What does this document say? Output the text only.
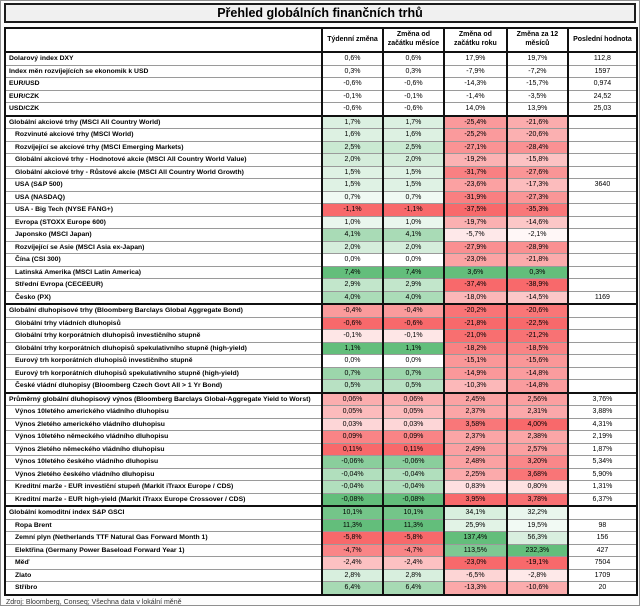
Přehled globálních finančních trhů
	Týdenní změna	Změna od začátku měsíce	Změna od začátku roku	Změna za 12 měsíců	Poslední hodnota
Dolarový index DXY	0,6%	0,6%	17,9%	19,7%	112,8
Index měn rozvíjejících se ekonomik k USD	0,3%	0,3%	-7,9%	-7,2%	1597
EUR/USD	-0,6%	-0,6%	-14,3%	-15,7%	0,974
EUR/CZK	-0,1%	-0,1%	-1,4%	-3,5%	24,52
USD/CZK	-0,6%	-0,6%	14,0%	13,9%	25,03
Globální akciové trhy (MSCI All Country World)	1,7%	1,7%	-25,4%	-21,6%	
Rozvinuté akciové trhy (MSCI World)	1,6%	1,6%	-25,2%	-20,6%	
Rozvíjející se akciové trhy (MSCI Emerging Markets)	2,5%	2,5%	-27,1%	-28,4%	
Globální akciové trhy - Hodnotové akcie (MSCI All Country World Value)	2,0%	2,0%	-19,2%	-15,8%	
Globální akciové trhy - Růstové akcie (MSCI All Country World Growth)	1,5%	1,5%	-31,7%	-27,6%	
USA (S&P 500)	1,5%	1,5%	-23,6%	-17,3%	3640
USA (NASDAQ)	0,7%	0,7%	-31,9%	-27,3%	
USA - Big Tech (NYSE FANG+)	-1,1%	-1,1%	-37,5%	-35,3%	
Evropa (STOXX Europe 600)	1,0%	1,0%	-19,7%	-14,6%	
Japonsko (MSCI Japan)	4,1%	4,1%	-5,7%	-2,1%	
Rozvíjející se Asie (MSCI Asia ex-Japan)	2,0%	2,0%	-27,9%	-28,9%	
Čína (CSI 300)	0,0%	0,0%	-23,0%	-21,8%	
Latinská Amerika (MSCI Latin America)	7,4%	7,4%	3,6%	0,3%	
Střední Evropa (CECEEUR)	2,9%	2,9%	-37,4%	-38,9%	
Česko (PX)	4,0%	4,0%	-18,0%	-14,5%	1169
Globální dluhopisové trhy (Bloomberg Barclays Global Aggregate Bond)	-0,4%	-0,4%	-20,2%	-20,6%	
Globální trhy vládních dluhopisů	-0,6%	-0,6%	-21,8%	-22,5%	
Globální trhy korporátních dluhopisů investičního stupně	-0,1%	-0,1%	-21,0%	-21,2%	
Globální trhy korporátních dluhopisů spekulativního stupně (high-yield)	1,1%	1,1%	-18,2%	-18,5%	
Eurový trh korporátních dluhopisů investičního stupně	0,0%	0,0%	-15,1%	-15,6%	
Eurový trh korporátních dluhopisů spekulativního stupně (high-yield)	0,7%	0,7%	-14,9%	-14,8%	
České vládní dluhopisy (Bloomberg Czech Govt All > 1 Yr Bond)	0,5%	0,5%	-10,3%	-14,8%	
Průměrný globální dluhopisový výnos (Bloomberg Barclays Global-Aggregate Yield to Worst)	0,06%	0,06%	2,45%	2,56%	3,76%
Výnos 10letého amerického vládního dluhopisu	0,05%	0,05%	2,37%	2,31%	3,88%
Výnos 2letého amerického vládního dluhopisu	0,03%	0,03%	3,58%	4,00%	4,31%
Výnos 10letého německého vládního dluhopisu	0,09%	0,09%	2,37%	2,38%	2,19%
Výnos 2letého německého vládního dluhopisu	0,11%	0,11%	2,49%	2,57%	1,87%
Výnos 10letého českého vládního dluhopisu	-0,06%	-0,06%	2,48%	3,20%	5,34%
Výnos 2letého českého vládního dluhopisu	-0,04%	-0,04%	2,25%	3,68%	5,90%
Kreditní marže - EUR investiční stupeň (Markit iTraxx Europe / CDS)	-0,04%	-0,04%	0,83%	0,80%	1,31%
Kreditní marže - EUR high-yield (Markit iTraxx Europe Crossover / CDS)	-0,08%	-0,08%	3,95%	3,78%	6,37%
Globální komoditní index S&P GSCI	10,1%	10,1%	34,1%	32,2%	
Ropa Brent	11,3%	11,3%	25,9%	19,5%	98
Zemní plyn (Netherlands TTF Natural Gas Forward Month 1)	-5,8%	-5,8%	137,4%	56,3%	156
Elektřina (Germany Power Baseload Forward Year 1)	-4,7%	-4,7%	113,5%	232,3%	427
Měď	-2,4%	-2,4%	-23,0%	-19,1%	7504
Zlato	2,8%	2,8%	-6,5%	-2,8%	1709
Stříbro	6,4%	6,4%	-13,3%	-10,6%	20
Zdroj: Bloomberg, Conseq; Všechna data v lokální měně
